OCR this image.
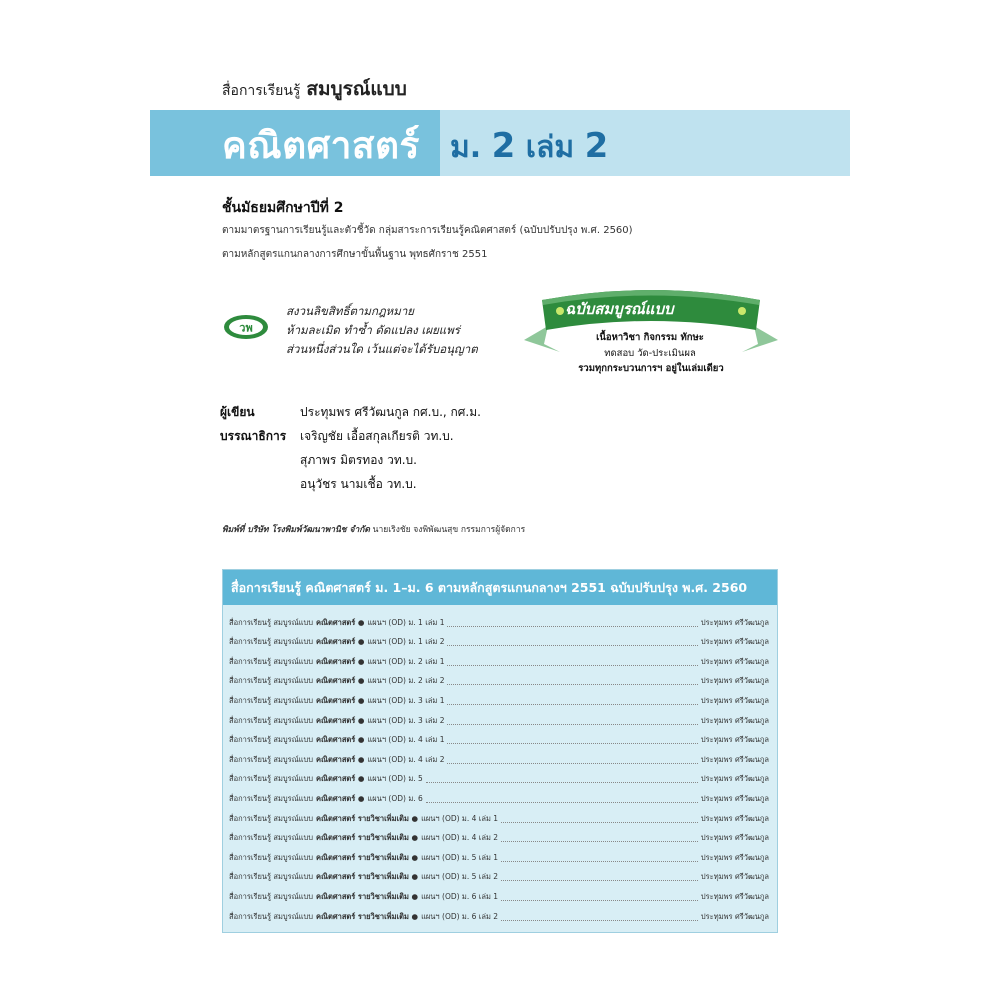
สื่อการเรียนรู้ สมบูรณ์แบบ
คณิตศาสตร์ ม. 2 เล่ม 2
ชั้นมัธยมศึกษาปีที่ 2
ตามมาตรฐานการเรียนรู้และตัวชี้วัด กลุ่มสาระการเรียนรู้คณิตศาสตร์ (ฉบับปรับปรุง พ.ศ. 2560)
ตามหลักสูตรแกนกลางการศึกษาขั้นพื้นฐาน พุทธศักราช 2551
วพ
สงวนลิขสิทธิ์ตามกฎหมาย
ห้ามละเมิด ทำซ้ำ ดัดแปลง เผยแพร่
ส่วนหนึ่งส่วนใด เว้นแต่จะได้รับอนุญาต
ฉบับสมบูรณ์แบบ
เนื้อหาวิชา กิจกรรม ทักษะ
ทดสอบ วัด-ประเมินผล
รวมทุกกระบวนการฯ อยู่ในเล่มเดียว
ผู้เขียน	ประทุมพร ศรีวัฒนกูล กศ.บ., กศ.ม.
บรรณาธิการ	เจริญชัย เอื้อสกุลเกียรติ วท.บ.
สุภาพร มิตรทอง วท.บ.
อนุวัชร นามเชื้อ วท.บ.
พิมพ์ที่ บริษัท โรงพิมพ์วัฒนาพานิช จำกัด นายเริงชัย จงพิพัฒนสุข กรรมการผู้จัดการ
สื่อการเรียนรู้ คณิตศาสตร์ ม. 1–ม. 6 ตามหลักสูตรแกนกลางฯ 2551 ฉบับปรับปรุง พ.ศ. 2560
สื่อการเรียนรู้ สมบูรณ์แบบ คณิตศาสตร์ ● แผนฯ (OD) ม. 1 เล่ม 1	ประทุมพร ศรีวัฒนกูล
สื่อการเรียนรู้ สมบูรณ์แบบ คณิตศาสตร์ ● แผนฯ (OD) ม. 1 เล่ม 2	ประทุมพร ศรีวัฒนกูล
สื่อการเรียนรู้ สมบูรณ์แบบ คณิตศาสตร์ ● แผนฯ (OD) ม. 2 เล่ม 1	ประทุมพร ศรีวัฒนกูล
สื่อการเรียนรู้ สมบูรณ์แบบ คณิตศาสตร์ ● แผนฯ (OD) ม. 2 เล่ม 2	ประทุมพร ศรีวัฒนกูล
สื่อการเรียนรู้ สมบูรณ์แบบ คณิตศาสตร์ ● แผนฯ (OD) ม. 3 เล่ม 1	ประทุมพร ศรีวัฒนกูล
สื่อการเรียนรู้ สมบูรณ์แบบ คณิตศาสตร์ ● แผนฯ (OD) ม. 3 เล่ม 2	ประทุมพร ศรีวัฒนกูล
สื่อการเรียนรู้ สมบูรณ์แบบ คณิตศาสตร์ ● แผนฯ (OD) ม. 4 เล่ม 1	ประทุมพร ศรีวัฒนกูล
สื่อการเรียนรู้ สมบูรณ์แบบ คณิตศาสตร์ ● แผนฯ (OD) ม. 4 เล่ม 2	ประทุมพร ศรีวัฒนกูล
สื่อการเรียนรู้ สมบูรณ์แบบ คณิตศาสตร์ ● แผนฯ (OD) ม. 5	ประทุมพร ศรีวัฒนกูล
สื่อการเรียนรู้ สมบูรณ์แบบ คณิตศาสตร์ ● แผนฯ (OD) ม. 6	ประทุมพร ศรีวัฒนกูล
สื่อการเรียนรู้ สมบูรณ์แบบ คณิตศาสตร์ รายวิชาเพิ่มเติม ● แผนฯ (OD) ม. 4 เล่ม 1	ประทุมพร ศรีวัฒนกูล
สื่อการเรียนรู้ สมบูรณ์แบบ คณิตศาสตร์ รายวิชาเพิ่มเติม ● แผนฯ (OD) ม. 4 เล่ม 2	ประทุมพร ศรีวัฒนกูล
สื่อการเรียนรู้ สมบูรณ์แบบ คณิตศาสตร์ รายวิชาเพิ่มเติม ● แผนฯ (OD) ม. 5 เล่ม 1	ประทุมพร ศรีวัฒนกูล
สื่อการเรียนรู้ สมบูรณ์แบบ คณิตศาสตร์ รายวิชาเพิ่มเติม ● แผนฯ (OD) ม. 5 เล่ม 2	ประทุมพร ศรีวัฒนกูล
สื่อการเรียนรู้ สมบูรณ์แบบ คณิตศาสตร์ รายวิชาเพิ่มเติม ● แผนฯ (OD) ม. 6 เล่ม 1	ประทุมพร ศรีวัฒนกูล
สื่อการเรียนรู้ สมบูรณ์แบบ คณิตศาสตร์ รายวิชาเพิ่มเติม ● แผนฯ (OD) ม. 6 เล่ม 2	ประทุมพร ศรีวัฒนกูล
